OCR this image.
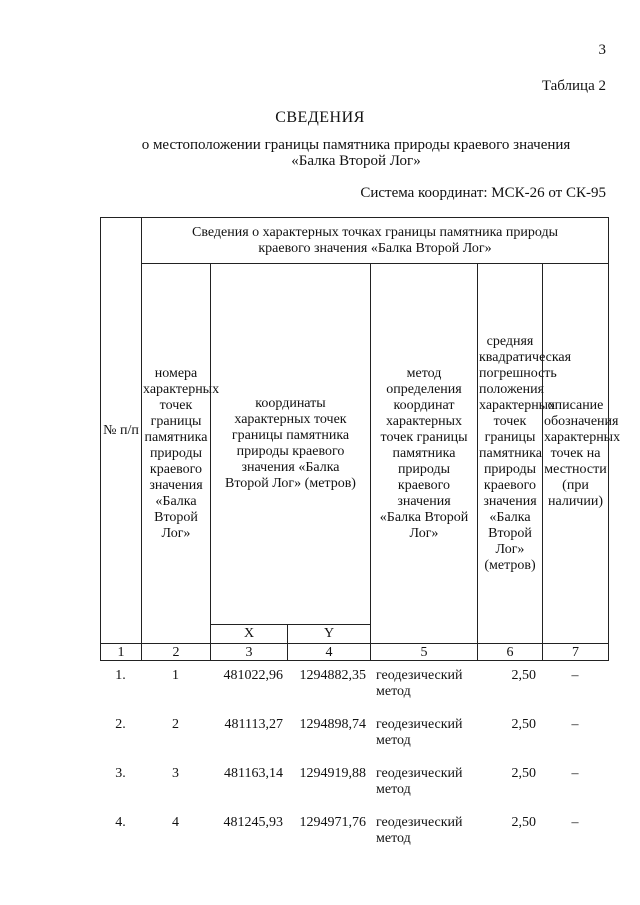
3
Таблица 2
СВЕДЕНИЯ
о местоположении границы памятника природы краевого значения
«Балка Второй Лог»
Система координат: МСК-26 от СК-95
№ п/п	Сведения о характерных точках границы памятника природы краевого значения «Балка Второй Лог»					
	номера характерных точек границы памятника природы краевого значения «Балка Второй Лог»	координаты характерных точек границы памятника природы краевого значения «Балка Второй Лог» (метров)		метод определения координат характерных точек границы памятника природы краевого значения «Балка Второй Лог»	средняя квадратическая погрешность положения характерных точек границы памятника природы краевого значения «Балка Второй Лог» (метров)	описание обозначения характерных точек на местности (при наличии)
		X	Y			
1	2	3	4	5	6	7
1.	1	481022,96	1294882,35	геодезический метод	2,50	–
2.	2	481113,27	1294898,74	геодезический метод	2,50	–
3.	3	481163,14	1294919,88	геодезический метод	2,50	–
4.	4	481245,93	1294971,76	геодезический метод	2,50	–
